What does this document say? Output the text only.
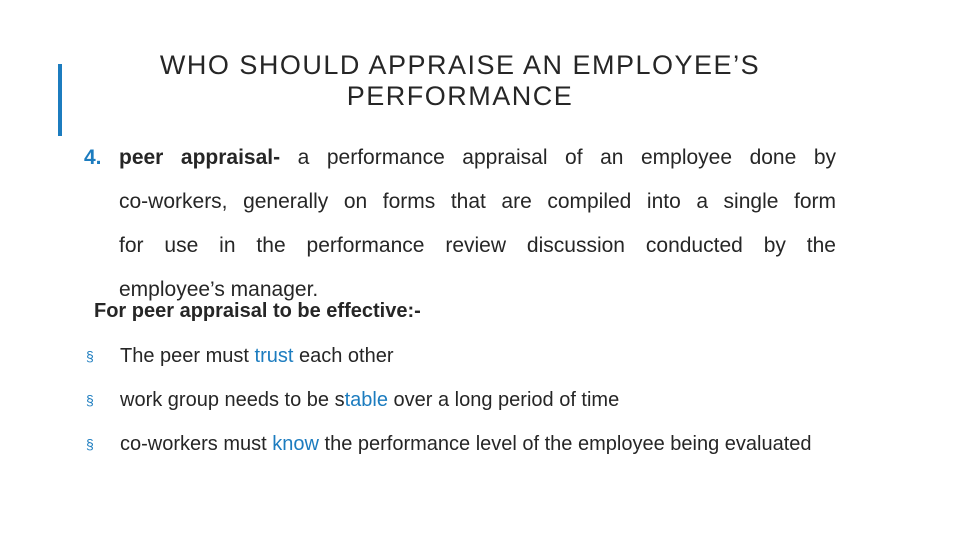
WHO SHOULD APPRAISE AN EMPLOYEE’S
PERFORMANCE
4. peer appraisal- a performance appraisal of an employee done by
co-workers, generally on forms that are compiled into a single form
for use in the performance review discussion conducted by the
employee’s manager.
For peer appraisal to be effective:-
§ The peer must trust each other
§ work group needs to be stable over a long period of time
§ co-workers must know the performance level of the employee being evaluated
